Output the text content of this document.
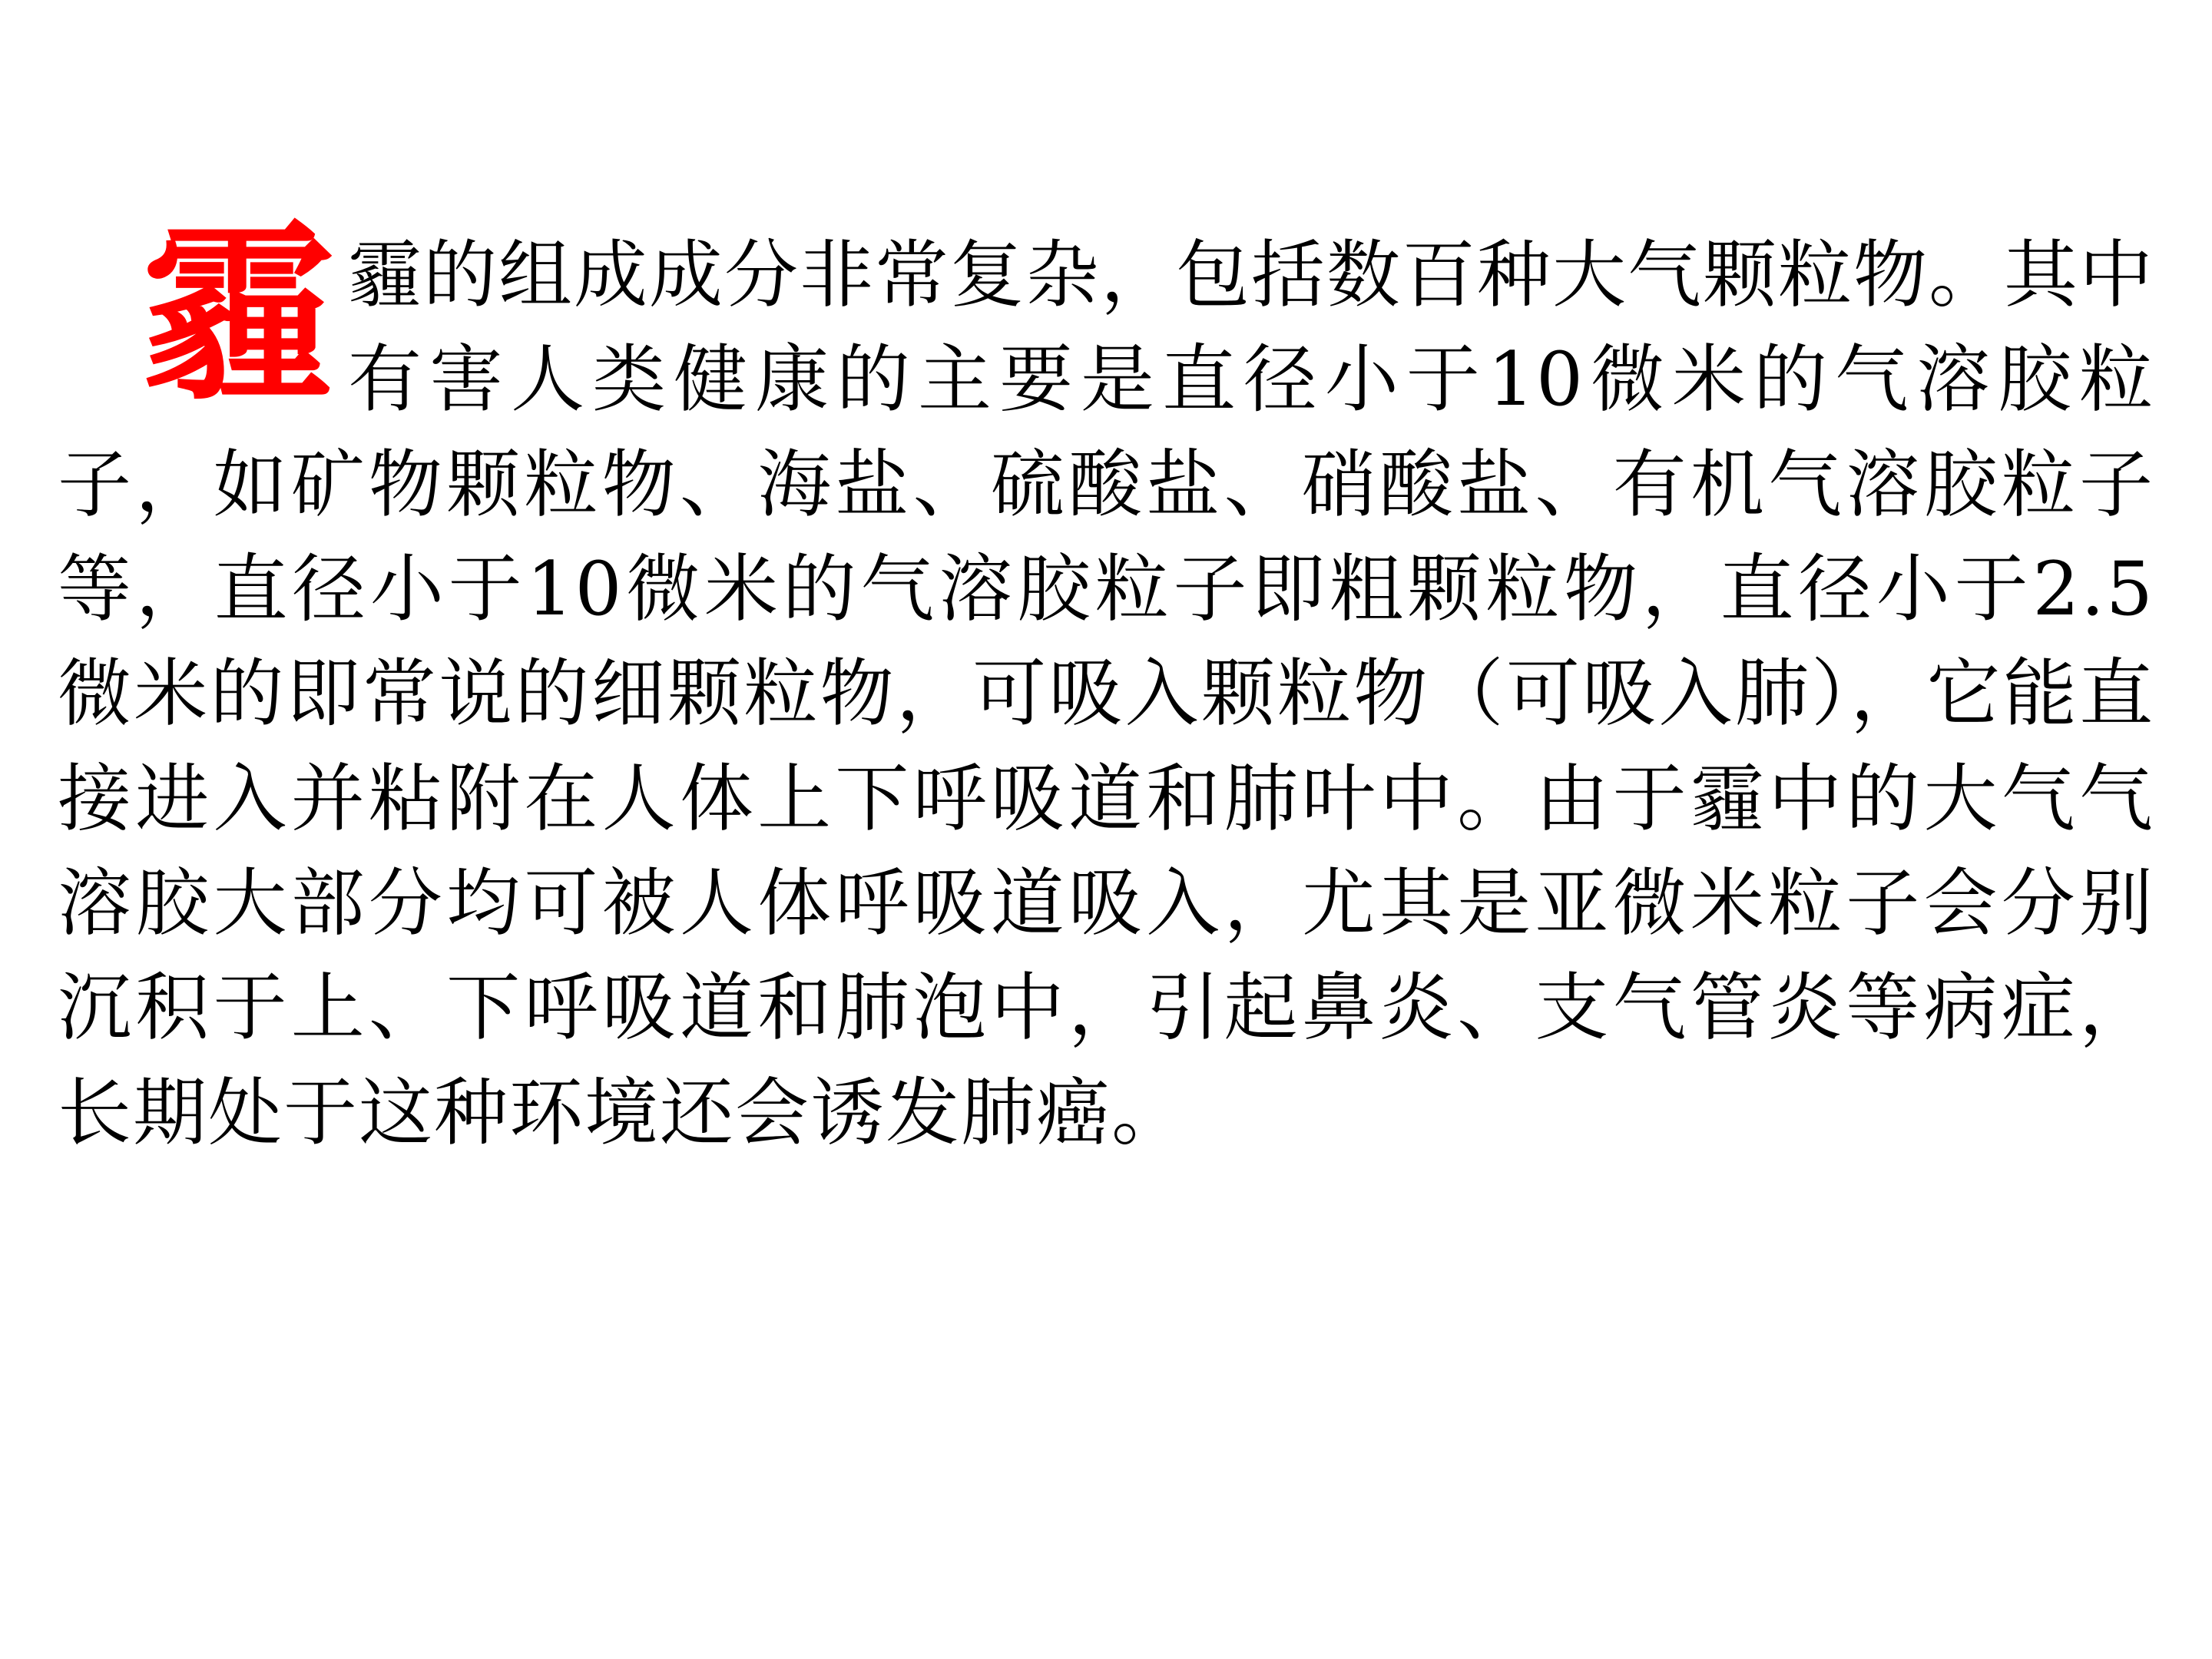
霾 霾的组成成分非常复杂，包括数百种大气颗粒物。其中有害人类健康的主要是直径小于10微米的气溶胶粒子，如矿物颗粒物、海盐、硫酸盐、硝酸盐、有机气溶胶粒子等，直径小于10微米的气溶胶粒子即粗颗粒物，直径小于2.5微米的即常说的细颗粒物，可吸入颗粒物（可吸入肺），它能直接进入并粘附在人体上下呼吸道和肺叶中。由于霾中的大气气溶胶大部分均可被人体呼吸道吸入，尤其是亚微米粒子会分别沉积于上、下呼吸道和肺泡中，引起鼻炎、支气管炎等病症，长期处于这种环境还会诱发肺癌。
